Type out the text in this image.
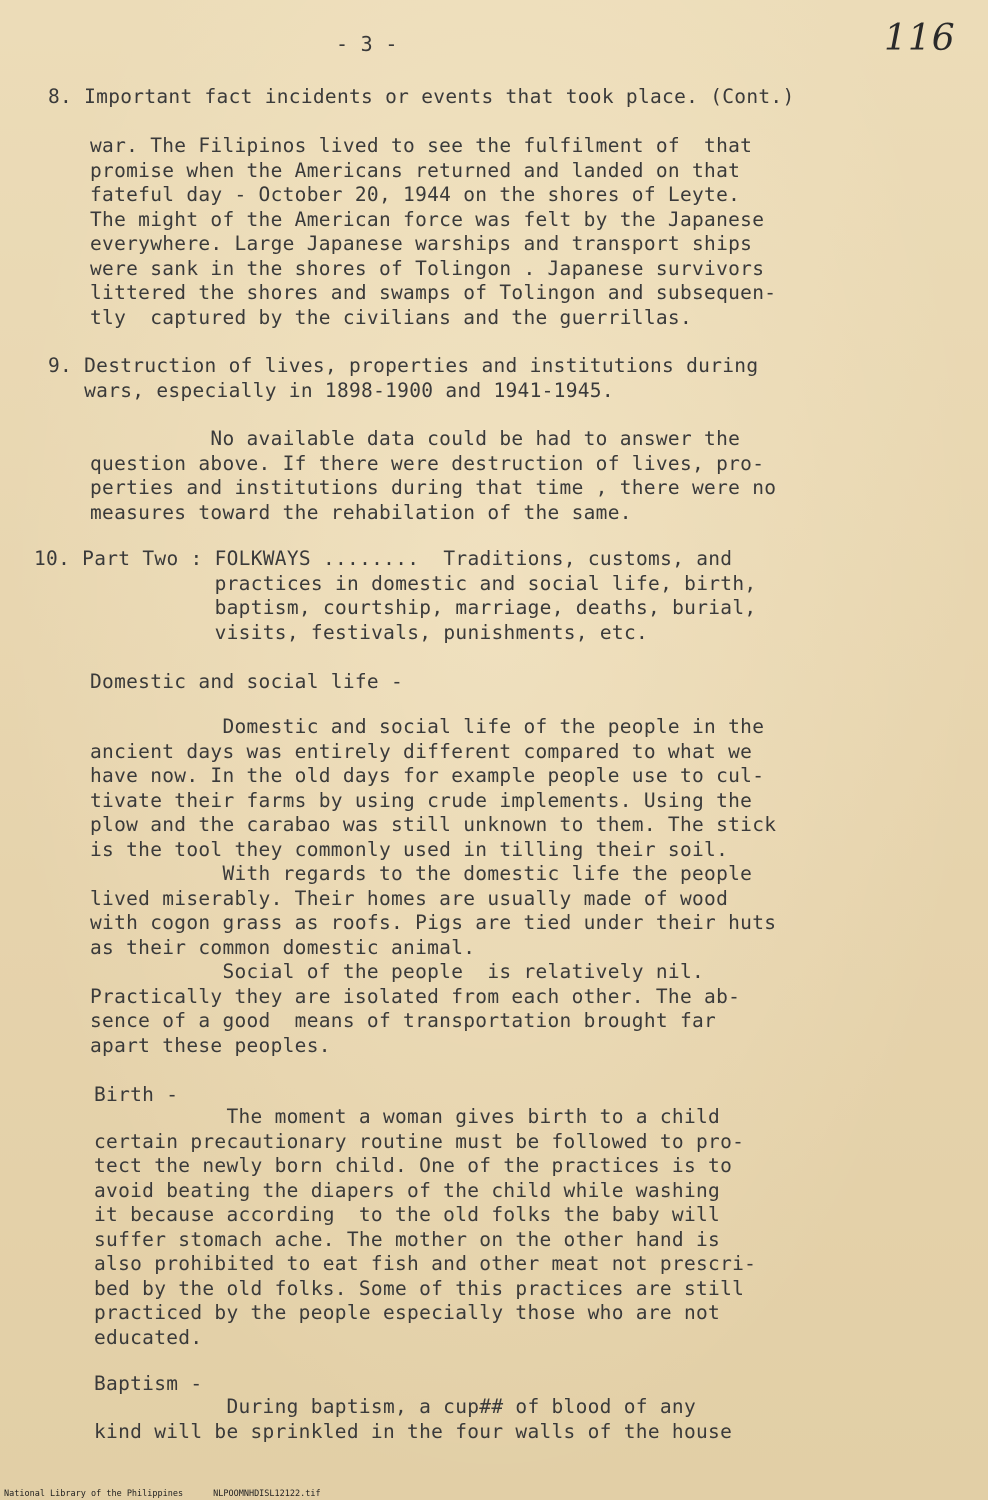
- 3 -	116
8. Important fact incidents or events that took place. (Cont.)
war. The Filipinos lived to see the fulfilment of  that
promise when the Americans returned and landed on that
fateful day - October 20, 1944 on the shores of Leyte.
The might of the American force was felt by the Japanese
everywhere. Large Japanese warships and transport ships
were sank in the shores of Tolingon . Japanese survivors
littered the shores and swamps of Tolingon and subsequen-
tly  captured by the civilians and the guerrillas.
9. Destruction of lives, properties and institutions during
wars, especially in 1898-1900 and 1941-1945.
No available data could be had to answer the
question above. If there were destruction of lives, pro-
perties and institutions during that time , there were no
measures toward the rehabilation of the same.
10. Part Two : FOLKWAYS ........  Traditions, customs, and
practices in domestic and social life, birth,
baptism, courtship, marriage, deaths, burial,
visits, festivals, punishments, etc.
Domestic and social life -
Domestic and social life of the people in the
ancient days was entirely different compared to what we
have now. In the old days for example people use to cul-
tivate their farms by using crude implements. Using the
plow and the carabao was still unknown to them. The stick
is the tool they commonly used in tilling their soil.
With regards to the domestic life the people
lived miserably. Their homes are usually made of wood
with cogon grass as roofs. Pigs are tied under their huts
as their common domestic animal.
Social of the people  is relatively nil.
Practically they are isolated from each other. The ab-
sence of a good  means of transportation brought far
apart these peoples.
Birth -
The moment a woman gives birth to a child
certain precautionary routine must be followed to pro-
tect the newly born child. One of the practices is to
avoid beating the diapers of the child while washing
it because according  to the old folks the baby will
suffer stomach ache. The mother on the other hand is
also prohibited to eat fish and other meat not prescri-
bed by the old folks. Some of this practices are still
practiced by the people especially those who are not
educated.
Baptism -
During baptism, a cup## of blood of any
kind will be sprinkled in the four walls of the house
National Library of the Philippines	NLPOOMNHDISL12122.tif
